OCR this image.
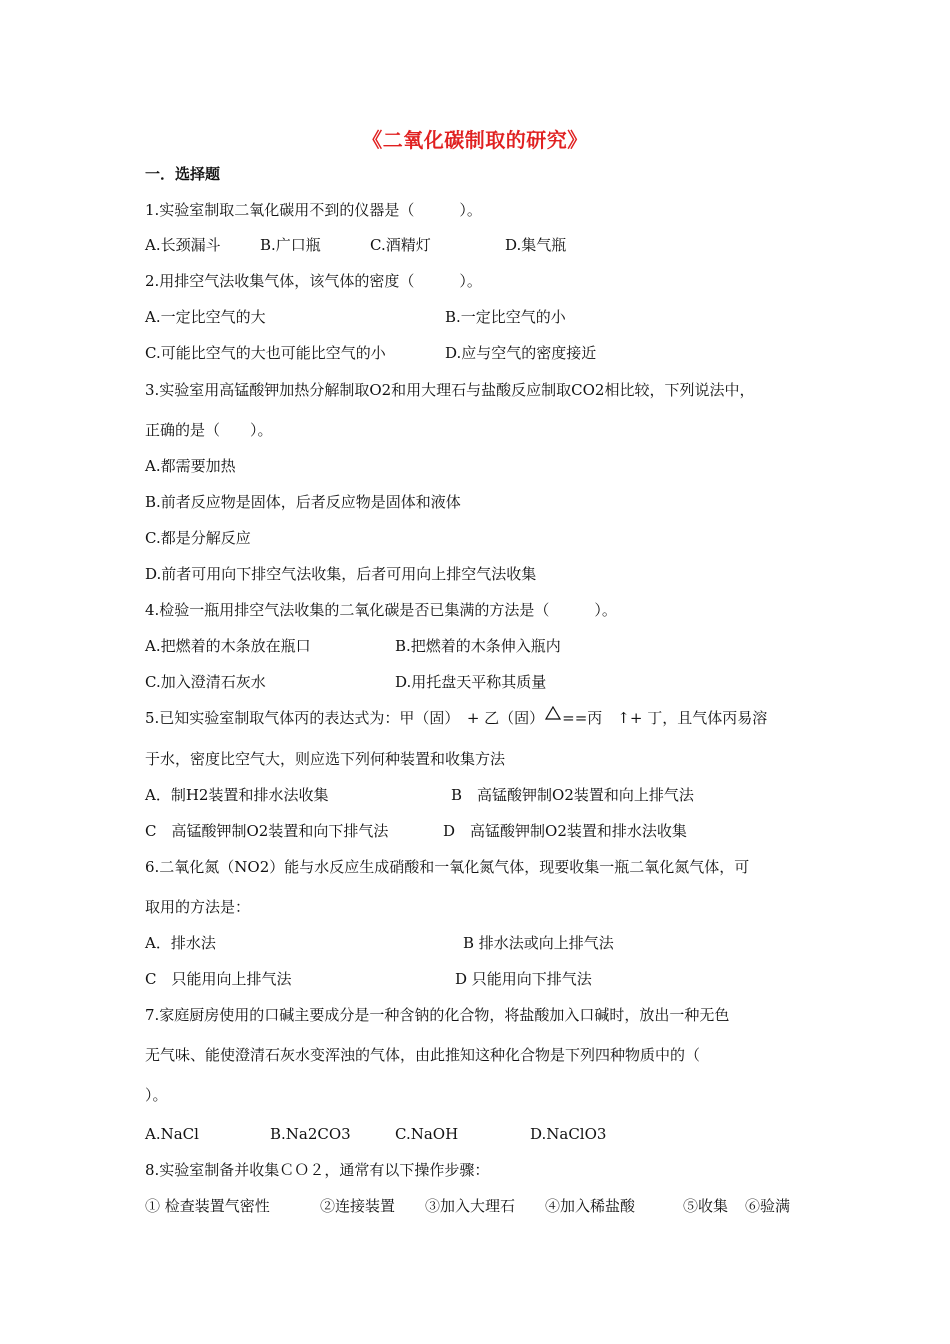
《二氧化碳制取的研究》
一．选择题
1.实验室制取二氧化碳用不到的仪器是（　　　）。
A.长颈漏斗	B.广口瓶	C.酒精灯	D.集气瓶
2.用排空气法收集气体，该气体的密度（　　　）。
A.一定比空气的大	B.一定比空气的小
C.可能比空气的大也可能比空气的小	D.应与空气的密度接近
3.实验室用高锰酸钾加热分解制取O2和用大理石与盐酸反应制取CO2相比较，下列说法中，
正确的是（　　）。
A.都需要加热
B.前者反应物是固体，后者反应物是固体和液体
C.都是分解反应
D.前者可用向下排空气法收集，后者可用向上排空气法收集
4.检验一瓶用排空气法收集的二氧化碳是否已集满的方法是（　　　）。
A.把燃着的木条放在瓶口	B.把燃着的木条伸入瓶内
C.加入澄清石灰水	D.用托盘天平称其质量
5.已知实验室制取气体丙的表达式为：甲（固）　+ 乙（固） ==丙　↑+ 丁，且气体丙易溶
于水，密度比空气大，则应选下列何种装置和收集方法
A．制H2装置和排水法收集	B　高锰酸钾制O2装置和向上排气法
C　高锰酸钾制O2装置和向下排气法	D　高锰酸钾制O2装置和排水法收集
6.二氧化氮（NO2）能与水反应生成硝酸和一氧化氮气体，现要收集一瓶二氧化氮气体，可
取用的方法是：
A．排水法	B 排水法或向上排气法
C　只能用向上排气法	D 只能用向下排气法
7.家庭厨房使用的口碱主要成分是一种含钠的化合物，将盐酸加入口碱时，放出一种无色
无气味、能使澄清石灰水变浑浊的气体，由此推知这种化合物是下列四种物质中的（
）。
A.NaCl	B.Na2CO3	C.NaOH	D.NaClO3
8.实验室制备并收集ＣＯ２，通常有以下操作步骤：
① 检查装置气密性	②连接装置 ③加入大理石 ④加入稀盐酸	⑤收集 ⑥验满
